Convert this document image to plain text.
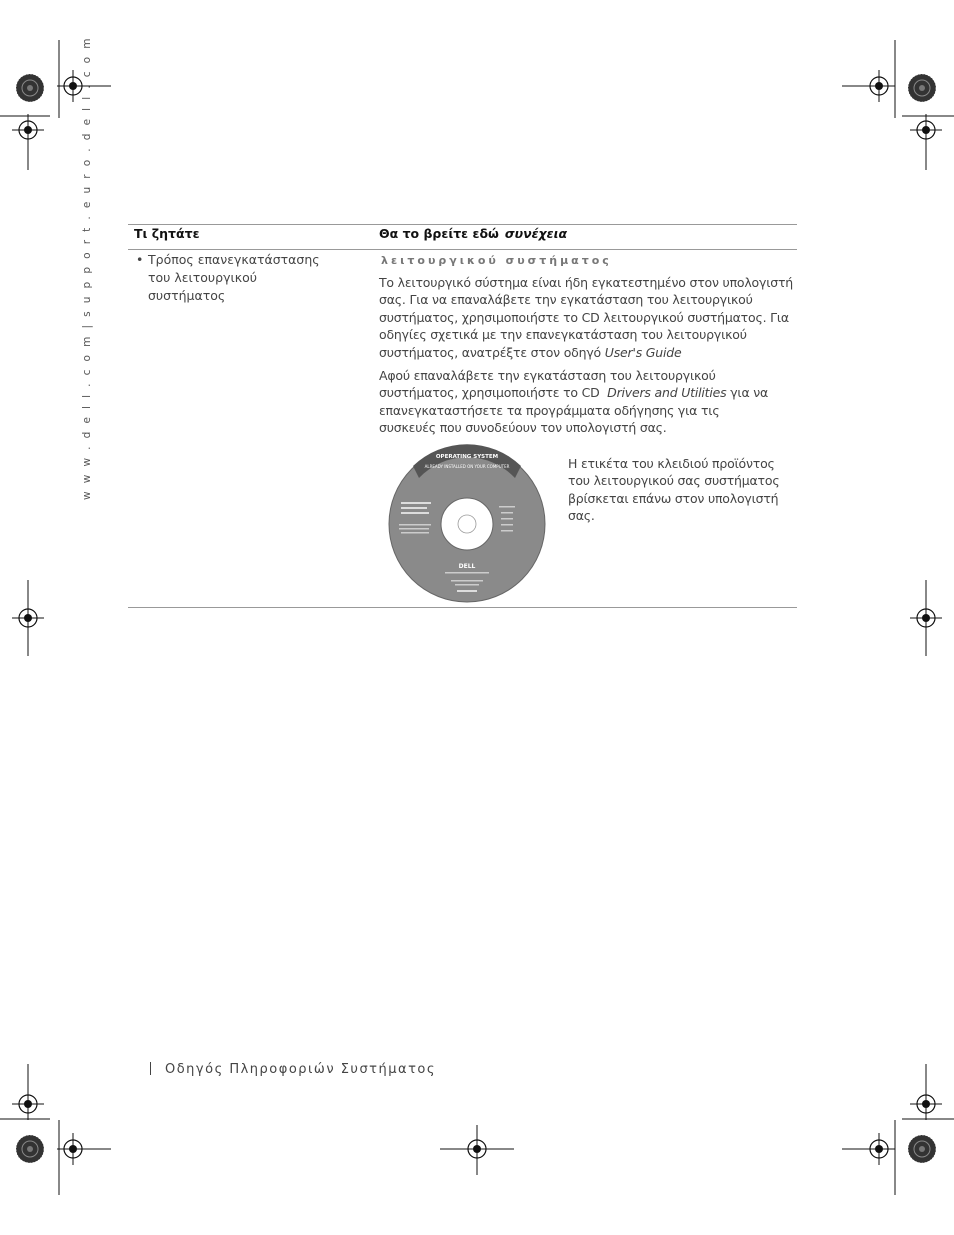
w w w . d e l l . c o m | s u p p o r t . e u r o . d e l l . c o m	Τι ζητάτε	Θα το βρείτε εδώ συνέχεια
• Τρόπος επανεγκατάστασης του λειτουργικού συστήματος
λειτουργικού συστήματος
Το λειτουργικό σύστημα είναι ήδη εγκατεστημένο στον υπολογιστή σας. Για να επαναλάβετε την εγκατάσταση του λειτουργικού συστήματος, χρησιμοποιήστε το CD λειτουργικού συστήματος. Για οδηγίες σχετικά με την επανεγκατάσταση του λειτουργικού συστήματος, ανατρέξτε στον οδηγό User's Guide
Αφού επαναλάβετε την εγκατάσταση του λειτουργικού συστήματος, χρησιμοποιήστε το CD Drivers and Utilities για να επανεγκαταστήσετε τα προγράμματα οδήγησης για τις συσκευές που συνοδεύουν τον υπολογιστή σας.
OPERATING SYSTEM
ALREADY INSTALLED ON YOUR COMPUTER
DELL
Η ετικέτα του κλειδιού προϊόντος του λειτουργικού σας συστήματος βρίσκεται επάνω στον υπολογιστή σας.
Οδηγός Πληροφοριών Συστήματος
